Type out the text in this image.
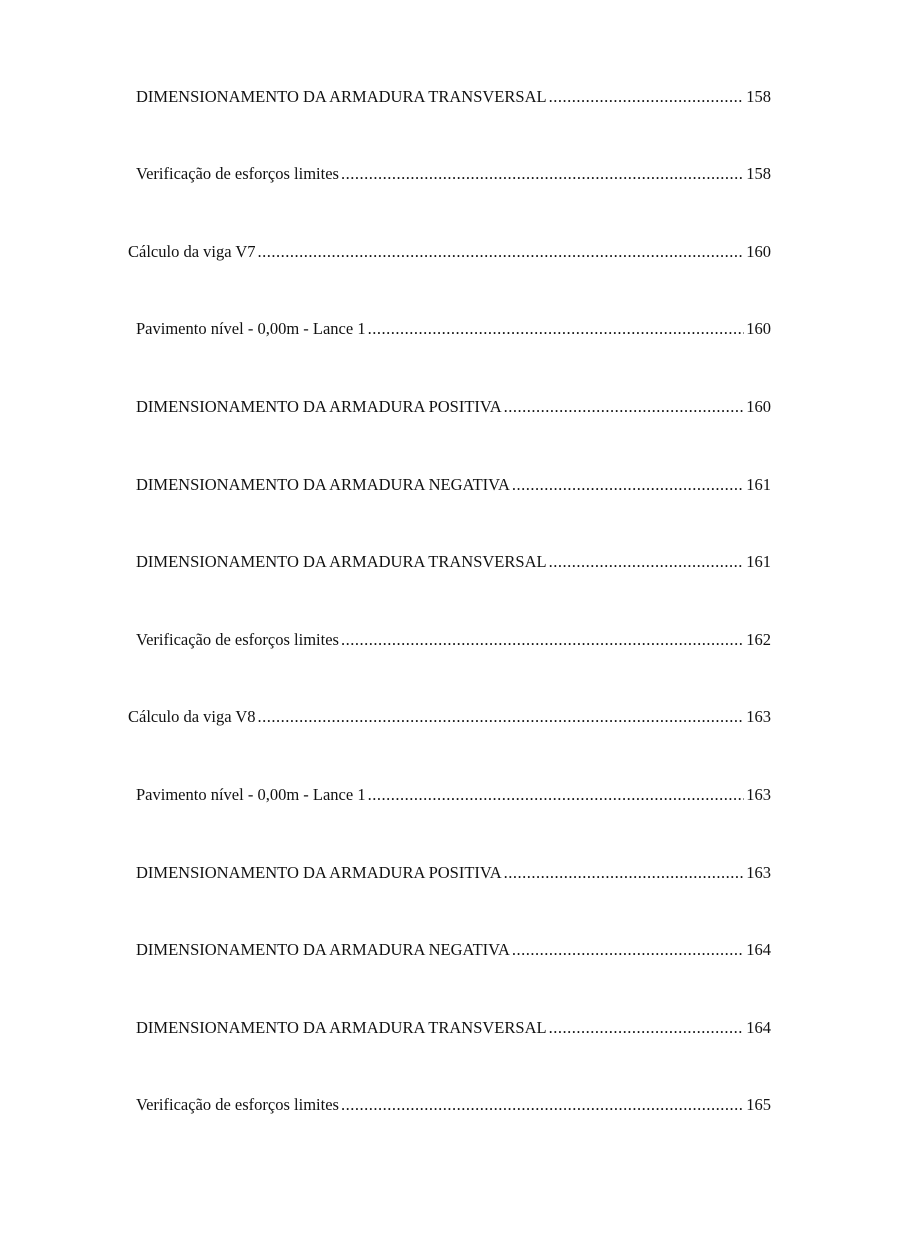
DIMENSIONAMENTO DA ARMADURA TRANSVERSAL .....	158
Verificação de esforços limites .....	158
Cálculo da viga V7 .....	160
Pavimento nível - 0,00m - Lance 1 .....	160
DIMENSIONAMENTO DA ARMADURA POSITIVA .....	160
DIMENSIONAMENTO DA ARMADURA NEGATIVA .....	161
DIMENSIONAMENTO DA ARMADURA TRANSVERSAL .....	161
Verificação de esforços limites .....	162
Cálculo da viga V8 .....	163
Pavimento nível - 0,00m - Lance 1 .....	163
DIMENSIONAMENTO DA ARMADURA POSITIVA .....	163
DIMENSIONAMENTO DA ARMADURA NEGATIVA .....	164
DIMENSIONAMENTO DA ARMADURA TRANSVERSAL .....	164
Verificação de esforços limites .....	165
